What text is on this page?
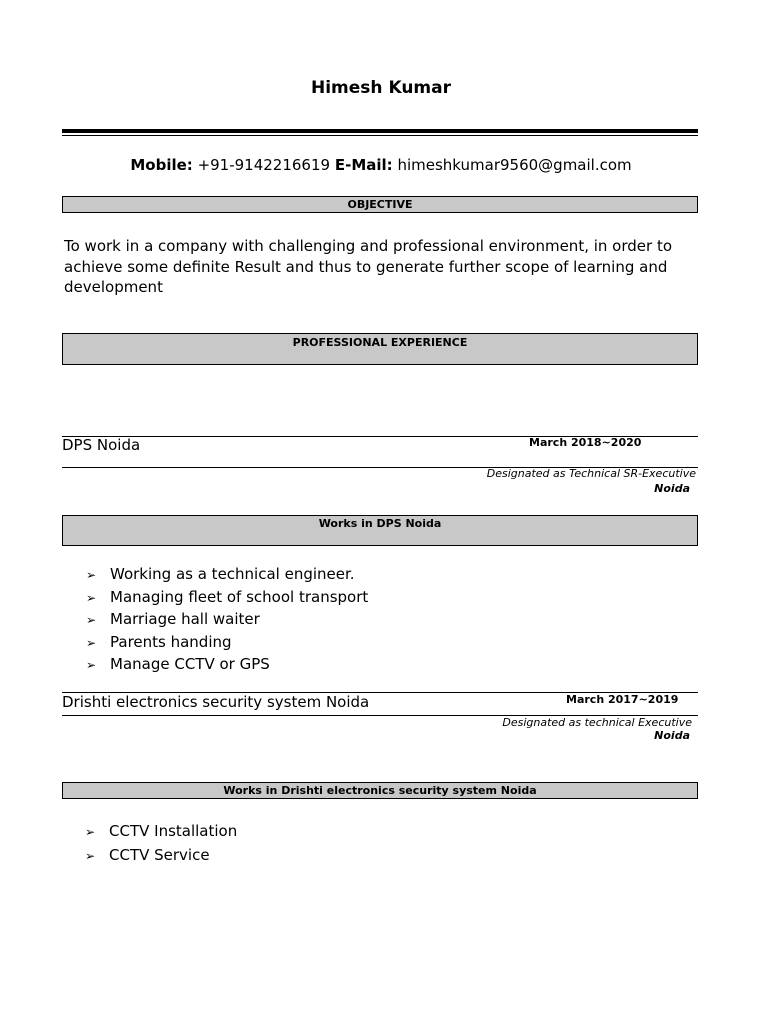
Himesh Kumar
Mobile: +91-9142216619 E-Mail: himeshkumar9560@gmail.com
OBJECTIVE
To work in a company with challenging and professional environment, in order to achieve some definite Result and thus to generate further scope of learning and development
PROFESSIONAL EXPERIENCE
DPS Noida	March 2018~2020
Designated as Technical SR-Executive
Noida
Works in DPS Noida
➢ Working as a technical engineer.
➢ Managing fleet of school transport
➢ Marriage hall waiter
➢ Parents handing
➢ Manage CCTV or GPS
Drishti electronics security system Noida	March 2017~2019
Designated as technical Executive
Noida
Works in Drishti electronics security system Noida
➢ CCTV Installation
➢ CCTV Service
